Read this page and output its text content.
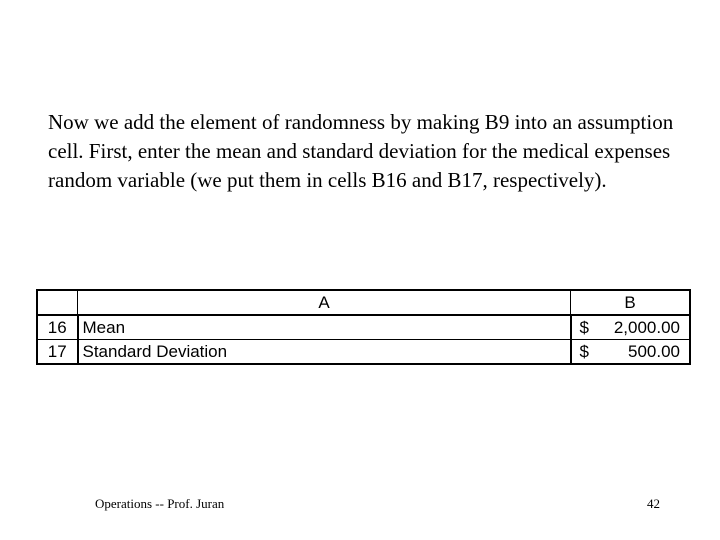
Now we add the element of randomness by making B9 into an assumption cell. First, enter the mean and standard deviation for the medical expenses random variable (we put them in cells B16 and B17, respectively).

	A	B
16	Mean	$ 2,000.00

17	Standard Deviation	$ 500.00
Operations -- Prof. Juran	42
